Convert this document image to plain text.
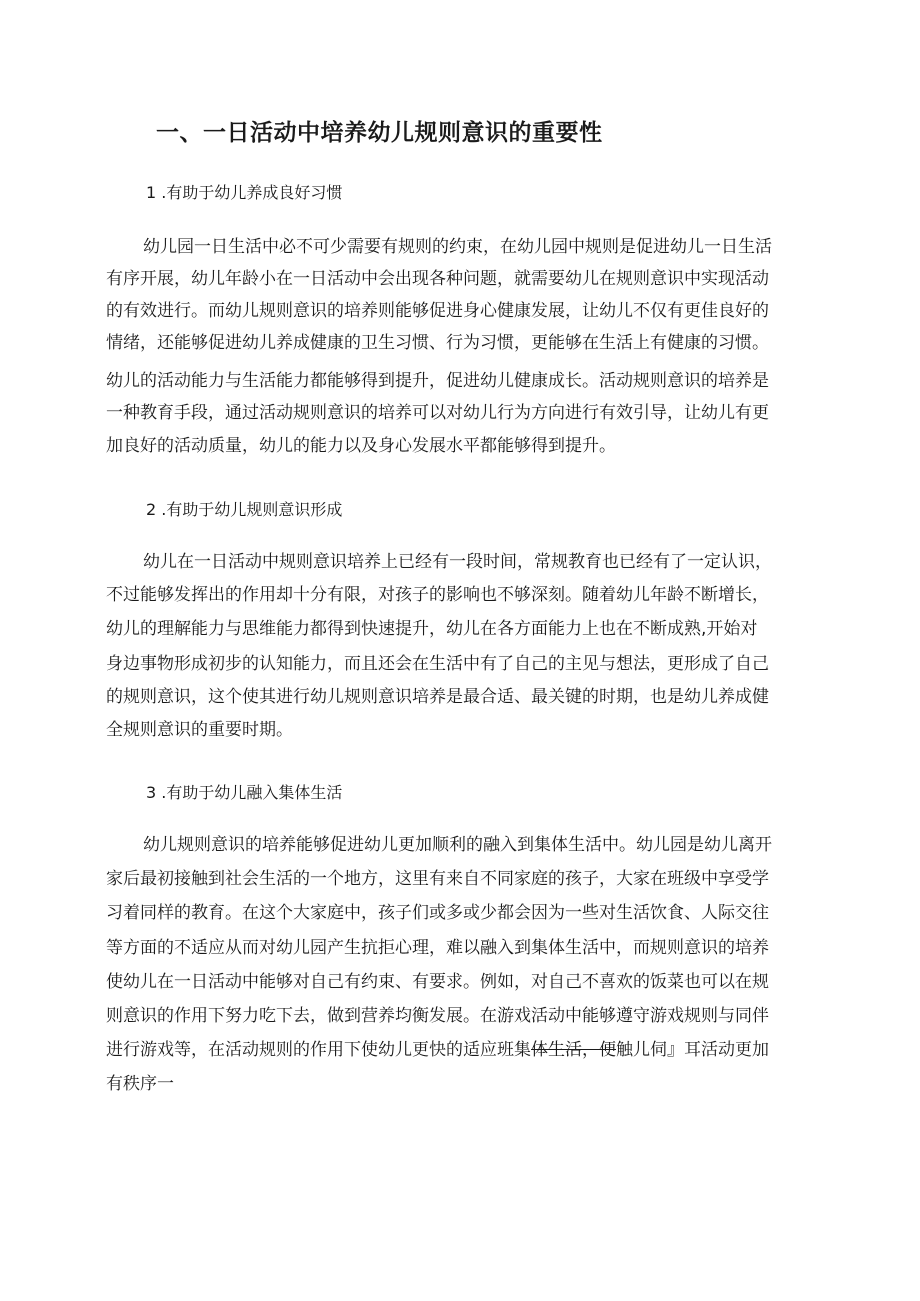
一、一日活动中培养幼儿规则意识的重要性
1 .有助于幼儿养成良好习惯
幼儿园一日生活中必不可少需要有规则的约束，在幼儿园中规则是促进幼儿一日生活
有序开展，幼儿年龄小在一日活动中会出现各种问题，就需要幼儿在规则意识中实现活动
的有效进行。而幼儿规则意识的培养则能够促进身心健康发展，让幼儿不仅有更佳良好的
情绪，还能够促进幼儿养成健康的卫生习惯、行为习惯，更能够在生活上有健康的习惯。
幼儿的活动能力与生活能力都能够得到提升，促进幼儿健康成长。活动规则意识的培养是
一种教育手段，通过活动规则意识的培养可以对幼儿行为方向进行有效引导，让幼儿有更
加良好的活动质量，幼儿的能力以及身心发展水平都能够得到提升。
2 .有助于幼儿规则意识形成
幼儿在一日活动中规则意识培养上已经有一段时间，常规教育也已经有了一定认识，
不过能够发挥出的作用却十分有限，对孩子的影响也不够深刻。随着幼儿年龄不断增长，
幼儿的理解能力与思维能力都得到快速提升，幼儿在各方面能力上也在不断成熟,开始对
身边事物形成初步的认知能力，而且还会在生活中有了自己的主见与想法，更形成了自己
的规则意识，这个使其进行幼儿规则意识培养是最合适、最关键的时期，也是幼儿养成健
全规则意识的重要时期。
3 .有助于幼儿融入集体生活
幼儿规则意识的培养能够促进幼儿更加顺利的融入到集体生活中。幼儿园是幼儿离开
家后最初接触到社会生活的一个地方，这里有来自不同家庭的孩子，大家在班级中享受学
习着同样的教育。在这个大家庭中，孩子们或多或少都会因为一些对生活饮食、人际交往
等方面的不适应从而对幼儿园产生抗拒心理，难以融入到集体生活中，而规则意识的培养
使幼儿在一日活动中能够对自己有约束、有要求。例如，对自己不喜欢的饭菜也可以在规
则意识的作用下努力吃下去，做到营养均衡发展。在游戏活动中能够遵守游戏规则与同伴
进行游戏等，在活动规则的作用下使幼儿更快的适应班集体生活，便触儿伺』耳活动更加
有秩序一
